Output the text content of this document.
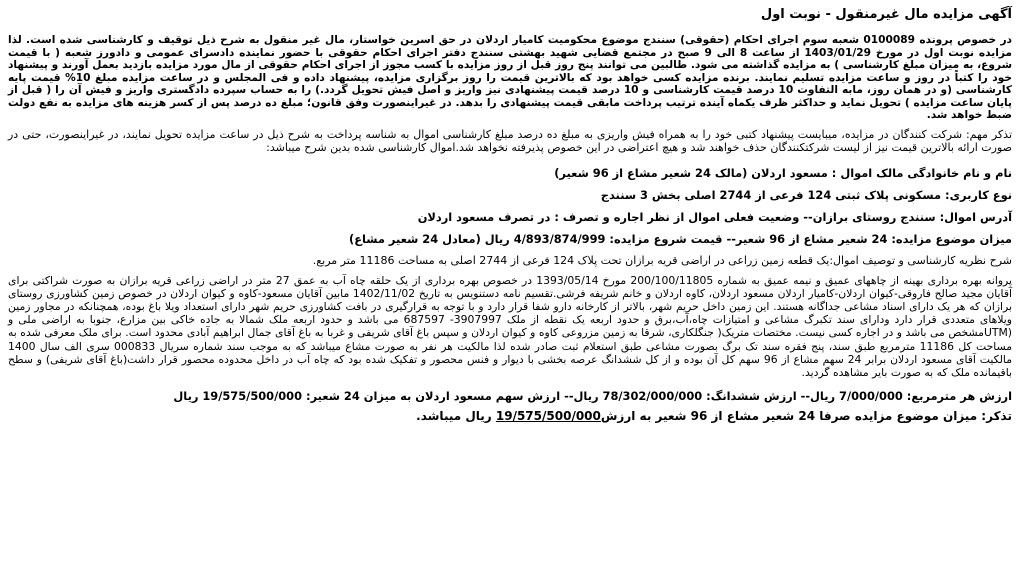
آگهی مزایده مال غیرمنقول - نوبت اول

در خصوص پرونده 0100089 شعبه سوم اجرای احکام (حقوقی) سنندج موضوع محکومیت کامیار اردلان در حق اسرین خواستار، مال غیر منقول به شرح ذیل توقیف و کارشناسی شده است. لذا مزایده نوبت اول در مورخ 1403/01/29 از ساعت 8 الی 9 صبح در مجتمع قضایی شهید بهشتی سنندج دفتر اجرای احکام حقوقی با حضور نماینده دادسرای عمومی و دادورز شعبه ( با قیمت شروع، به میزان مبلغ کارشناسی ) به مزایده گذاشته می شود. طالبین می توانند پنج روز قبل از روز مزایده با کسب مجوز از اجرای احکام حقوقی از مال مورد مزایده بازدید بعمل آورند و پیشنهاد خود را کتباً در روز و ساعت مزایده تسلیم نمایند. برنده مزایده کسی خواهد بود که بالاترین قیمت را روز برگزاری مزایده، پیشنهاد داده و فی المجلس و در ساعت مزایده مبلغ 10% قیمت پایه کارشناسی (و در همان روز، مابه التفاوت 10 درصد قیمت کارشناسی و 10 درصد قیمت پیشنهادی نیز واریز و اصل فیش تحویل گردد.) را به حساب سپرده دادگستری واریز و فیش آن را ( قبل از پایان ساعت مزایده ) تحویل نماید و حداکثر ظرف یکماه آینده ترتیب پرداخت مابقی قیمت پیشنهادی را بدهد. در غیراینصورت وفق قانون؛ مبلغ ده درصد پس از کسر هزینه های مزایده به نفع دولت ضبط خواهد شد.

تذکر مهم: شرکت کنندگان در مزایده، میبایست پیشنهاد کتبی خود را به همراه فیش واریزی به مبلغ ده درصد مبلغ کارشناسی اموال به شناسه پرداخت به شرح ذیل در ساعت مزایده تحویل نمایند، در غیراینصورت، حتی در صورت ارائه بالاترین قیمت نیز از لیست شرکتکنندگان حذف خواهند شد و هیچ اعتراضی در این خصوص پذیرفته نخواهد شد.اموال کارشناسی شده بدین شرح میباشد:

نام و نام خانوادگی مالک اموال : مسعود اردلان (مالک 24 شعیر مشاع از 96 شعیر)

نوع کاربری: مسکونی پلاک ثبتی 124 فرعی از 2744 اصلی بخش 3 سنندج

آدرس اموال: سنندج روستای برازان-- وضعیت فعلی اموال از نظر اجاره و تصرف : در تصرف مسعود اردلان

میزان موضوع مزایده: 24 شعیر مشاع از 96 شعیر-- قیمت شروع مزایده: 4/893/874/999 ریال (معادل 24 شعیر مشاع)

شرح نظریه کارشناسی و توصیف اموال:یک قطعه زمین زراعی در اراضی قریه برازان تحت پلاک 124 فرعی از 2744 اصلی به مساحت 11186 متر مربع.

پروانه بهره برداری بهینه از چاههای عمیق و نیمه عمیق به شماره 200/100/11805 مورخ 1393/05/14 در خصوص بهره برداری از یک حلقه چاه آب به عمق 27 متر در اراضی زراعی قریه برازان به صورت شراکتی برای آقایان مجید صالح فاروقی-کیوان اردلان-کامیار اردلان مسعود اردلان، کاوه اردلان و خانم شریفه فرشی.تقسیم نامه دستنویس به تاریخ 1402/11/02 مابین آقایان مسعود-کاوه و کیوان اردلان در خصوص زمین کشاورزی روستای برازان که هر یک دارای اسناد مشاعی جداگانه هستند. این زمین داخل حریم شهر، بالاتر از کارخانه دارو شفا قرار دارد و با توجه به قرارگیری در بافت کشاورزی حریم شهر دارای استعداد ویلا باغ بوده، همچنانکه در مجاور زمین ویلاهای متعددی قرار دارد ودارای سند تکبرگ مشاعی و امتیازات چاه،آب،برق و حدود اربعه یک نقطه از ملک 3907997- 687597 می باشد و حدود اربعه ملک شمالا به جاده خاکی بین مزارع، جنوبا به اراضی ملی و (UTMمشخص می باشد و در اجاره کسی نیست. مختصات متریک( جنگلکاری، شرقا به زمین مزروعی کاوه و کیوان اردلان و سپس باغ آقای شریفی و غربا به باغ آقای جمال ابراهیم آبادی محدود است. برای ملک معرفی شده به مساحت کل 11186 مترمربع طبق سند، پنج فقره سند تک برگ بصورت مشاعی طبق استعلام ثبت صادر شده لذا مالکیت هر نفر به صورت مشاع میباشد که به موجب سند شماره سریال 000833 سری الف سال 1400 مالکیت آقای مسعود اردلان برابر 24 سهم مشاع از 96 سهم کل آن بوده و از کل ششدانگ عرصه بخشی با دیوار و فنس محصور و تفکیک شده بود که چاه آب در داخل محدوده محصور قرار داشت(باغ آقای شریفی) و سطح باقیمانده ملک که به صورت بایر مشاهده گردید.

ارزش هر مترمربع: 7/000/000 ریال-- ارزش ششدانگ: 78/302/000/000 ریال-- ارزش سهم مسعود اردلان به میزان 24 شعیر: 19/575/500/000 ریال

تذکر: میزان موضوع مزایده صرفا 24 شعیر مشاع از 96 شعیر به ارزش19/575/500/000 ریال میباشد.
